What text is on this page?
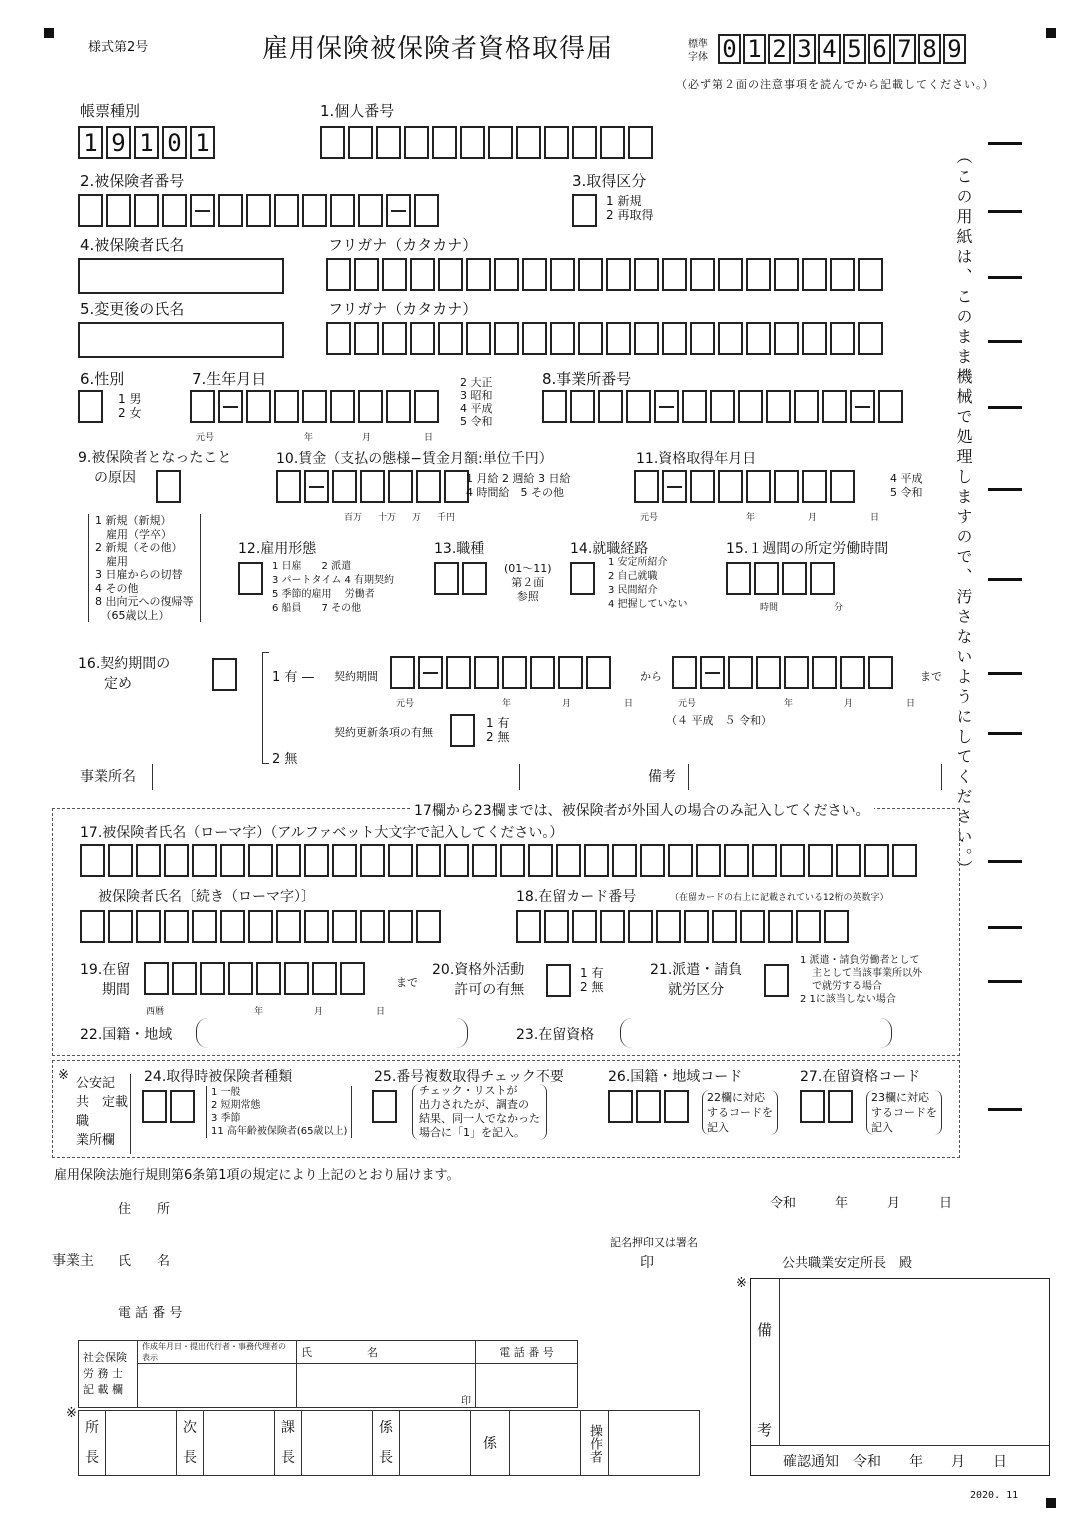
様式第2号	雇用保険被保険者資格取得届	標準
字体 0 1 2 3 4 5 6 7 8 9
（必ず第２面の注意事項を読んでから記載してください。）
（この用紙は、このまま機械で処理しますので、汚さないようにしてください。）
帳票種別
1 9 1 0 1
1.個人番号
2.被保険者番号	3.取得区分
1 新規
2 再取得
4.被保険者氏名	フリガナ（カタカナ）
5.変更後の氏名	フリガナ（カタカナ）
6.性別
1 男
2 女
7.生年月日
元号	年	月	日
2 大正
3 昭和
4 平成
5 令和
8.事業所番号
9.被保険者となったこと
の原因
1 新規（新規）
　雇用（学卒）
2 新規（その他）
　雇用
3 日雇からの切替
4 その他
8 出向元への復帰等
　（65歳以上）
10.賃金（支払の態様−賃金月額:単位千円）
百万 十万 万 千円
1 月給 2 週給 3 日給
4 時間給　5 その他
11.資格取得年月日
元号	年	月	日
4 平成
5 令和
12.雇用形態
1 日雇　　2 派遣
3 パートタイム 4 有期契約
5 季節的雇用　 労働者
6 船員　　7 その他
13.職種
(01〜11)
第２面
参照
14.就職経路
1 安定所紹介
2 自己就職
3 民間紹介
4 把握していない
15.１週間の所定労働時間
時間	分
16.契約期間の
定め	1 有 —
2 無
契約期間	から	まで
元号	年	月	日	元号	年	月	日
（４ 平成　５ 令和）
契約更新条項の有無
1 有
2 無
事業所名	備考
17欄から23欄までは、被保険者が外国人の場合のみ記入してください。
17.被保険者氏名（ローマ字）（アルファベット大文字で記入してください。）
被保険者氏名〔続き（ローマ字）〕	18.在留カード番号	（在留カードの右上に記載されている12桁の英数字）
19.在留
期間	まで
西暦	年	月	日
20.資格外活動
許可の有無
1 有
2 無
21.派遣・請負
就労区分
1 派遣・請負労働者として
主として当該事業所以外
で就労する場合
2 1に該当しない場合
22.国籍・地域	23.在留資格
※
公安記
共　定載
職
業所欄
24.取得時被保険者種類
1 一般
2 短期常態
3 季節
11 高年齢被保険者(65歳以上)
25.番号複数取得チェック不要
チェック・リストが
出力されたが、調査の
結果、同一人でなかった
場合に「1」を記入。
26.国籍・地域コード
22欄に対応
するコードを
記入
27.在留資格コード
23欄に対応
するコードを
記入
雇用保険法施行規則第6条第1項の規定により上記のとおり届けます。
令和　　　年　　　月　　　日
住　　所
記名押印又は署名
事業主 氏　　名	印	公共職業安定所長　殿
電 話 番 号
社会保険
労 務 士
記 載 欄	作成年月日・提出代行者・事務代理者の表示	氏　　　　　名	電 話 番 号
		印	
※
所
長

次
長

課
長

係
長
		係		操作者	
※
備
考
確認通知　令和　　年　　月　　日
2020. 11
